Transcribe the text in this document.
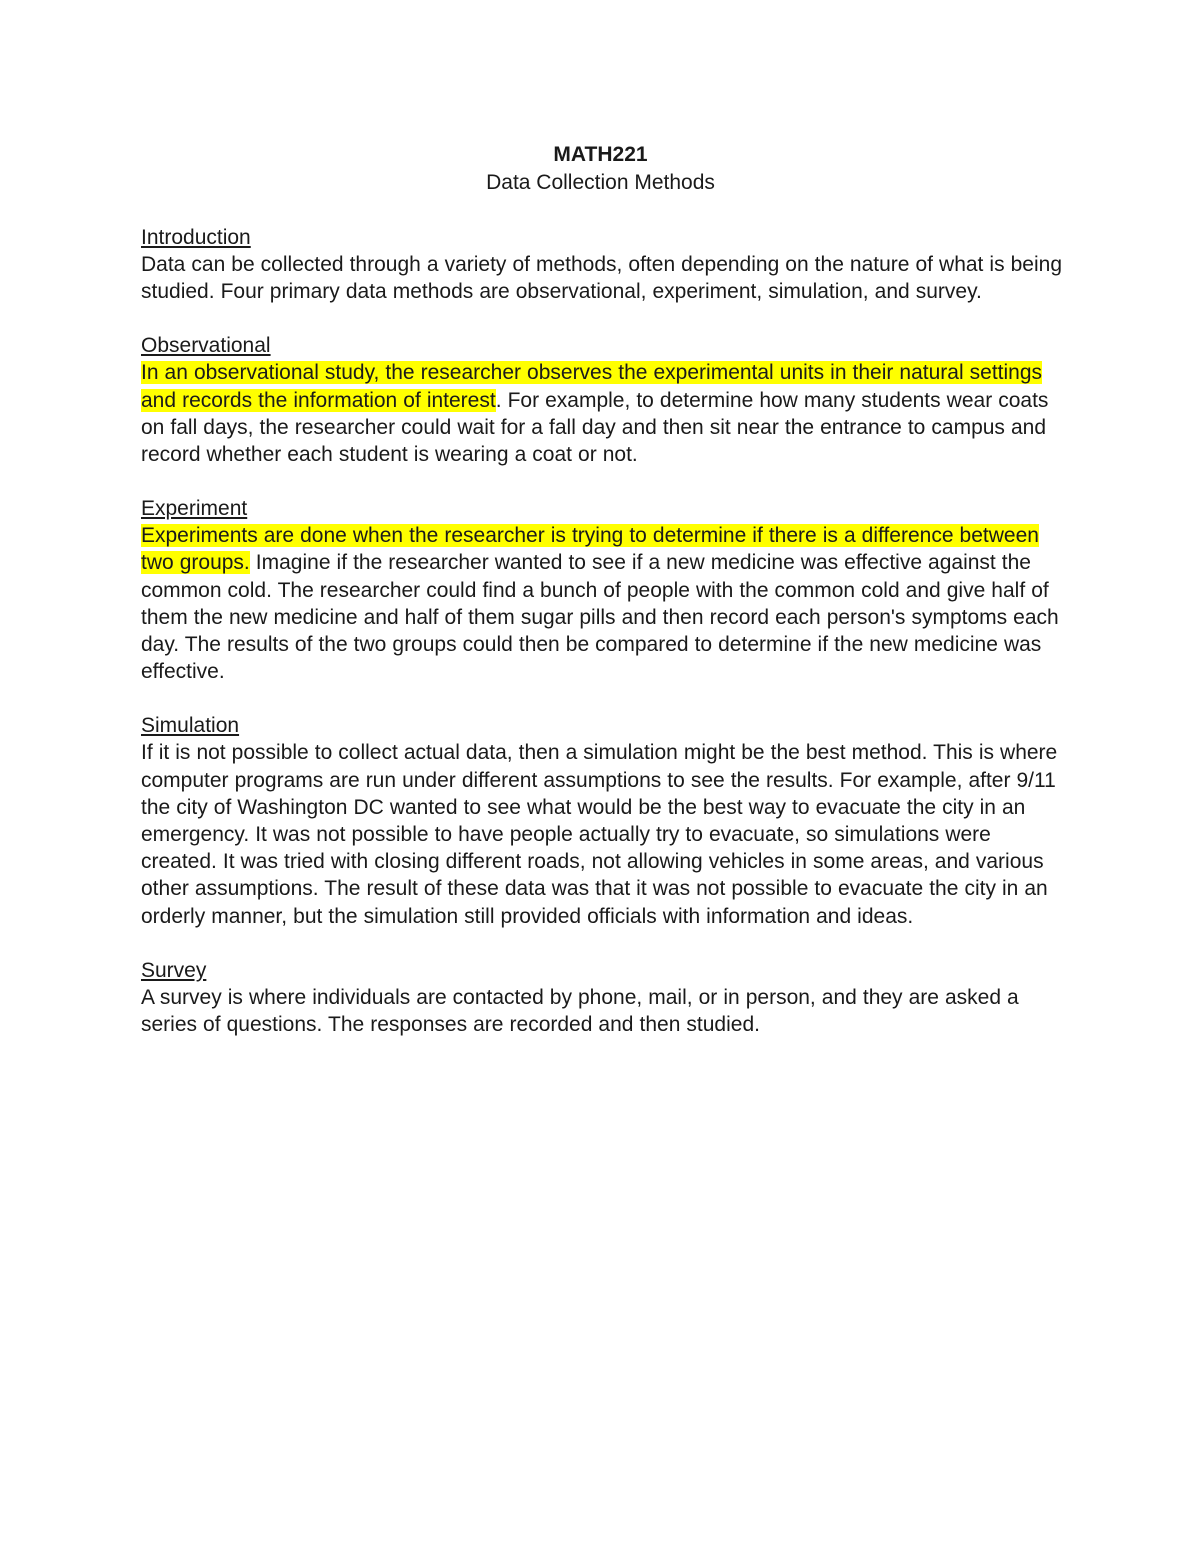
MATH221

Data Collection Methods

Introduction

Data can be collected through a variety of methods, often depending on the nature of what is being studied. Four primary data methods are observational, experiment, simulation, and survey.

Observational

In an observational study, the researcher observes the experimental units in their natural settings and records the information of interest. For example, to determine how many students wear coats on fall days, the researcher could wait for a fall day and then sit near the entrance to campus and record whether each student is wearing a coat or not.

Experiment

Experiments are done when the researcher is trying to determine if there is a difference between two groups. Imagine if the researcher wanted to see if a new medicine was effective against the common cold. The researcher could find a bunch of people with the common cold and give half of them the new medicine and half of them sugar pills and then record each person's symptoms each day. The results of the two groups could then be compared to determine if the new medicine was effective.

Simulation

If it is not possible to collect actual data, then a simulation might be the best method. This is where computer programs are run under different assumptions to see the results. For example, after 9/11 the city of Washington DC wanted to see what would be the best way to evacuate the city in an emergency. It was not possible to have people actually try to evacuate, so simulations were created. It was tried with closing different roads, not allowing vehicles in some areas, and various other assumptions. The result of these data was that it was not possible to evacuate the city in an orderly manner, but the simulation still provided officials with information and ideas.

Survey

A survey is where individuals are contacted by phone, mail, or in person, and they are asked a series of questions. The responses are recorded and then studied.
